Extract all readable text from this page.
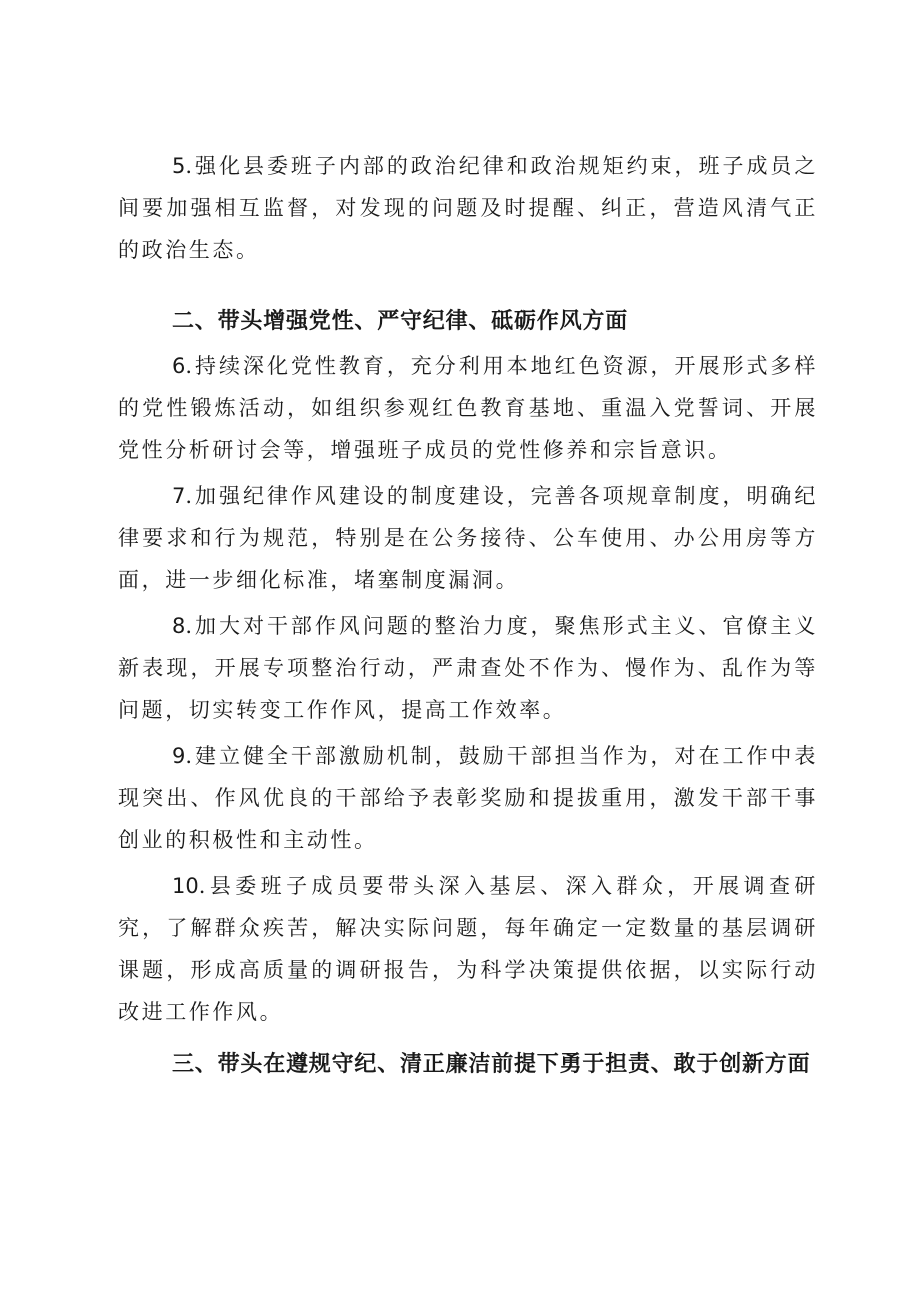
5.强化县委班子内部的政治纪律和政治规矩约束，班子成员之间要加强相互监督，对发现的问题及时提醒、纠正，营造风清气正的政治生态。

二、带头增强党性、严守纪律、砥砺作风方面

6.持续深化党性教育，充分利用本地红色资源，开展形式多样的党性锻炼活动，如组织参观红色教育基地、重温入党誓词、开展党性分析研讨会等，增强班子成员的党性修养和宗旨意识。

7.加强纪律作风建设的制度建设，完善各项规章制度，明确纪律要求和行为规范，特别是在公务接待、公车使用、办公用房等方面，进一步细化标准，堵塞制度漏洞。

8.加大对干部作风问题的整治力度，聚焦形式主义、官僚主义新表现，开展专项整治行动，严肃查处不作为、慢作为、乱作为等问题，切实转变工作作风，提高工作效率。

9.建立健全干部激励机制，鼓励干部担当作为，对在工作中表现突出、作风优良的干部给予表彰奖励和提拔重用，激发干部干事创业的积极性和主动性。

10.县委班子成员要带头深入基层、深入群众，开展调查研究，了解群众疾苦，解决实际问题，每年确定一定数量的基层调研课题，形成高质量的调研报告，为科学决策提供依据，以实际行动改进工作作风。

三、带头在遵规守纪、清正廉洁前提下勇于担责、敢于创新方面
